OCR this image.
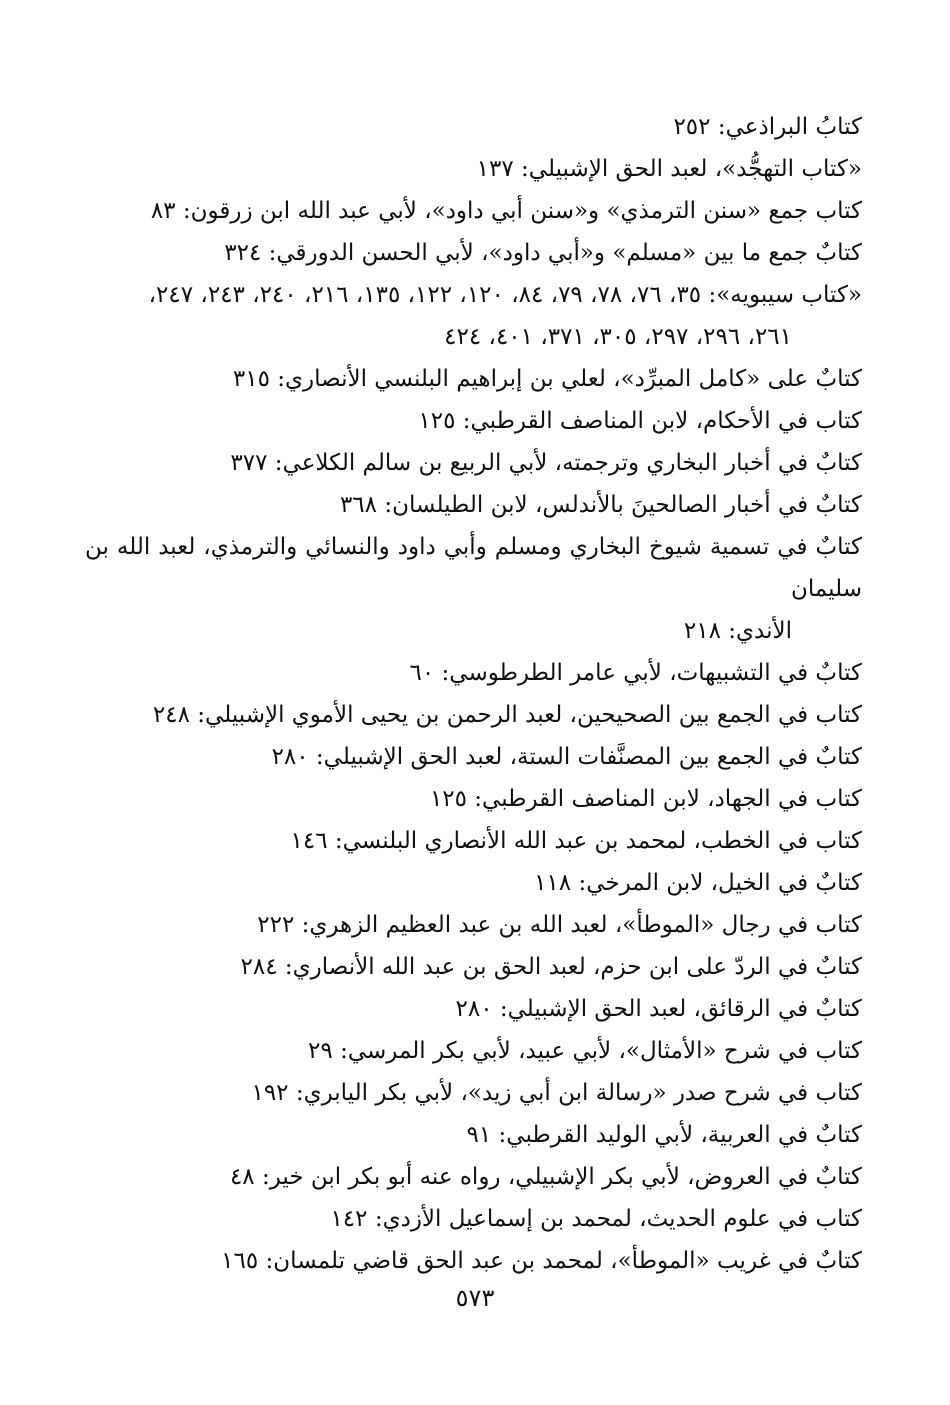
كتابُ البراذعي: ٢٥٢
«كتاب التهجُّد»، لعبد الحق الإشبيلي: ١٣٧
كتاب جمع «سنن الترمذي» و«سنن أبي داود»، لأبي عبد الله ابن زرقون: ٨٣
كتابٌ جمع ما بين «مسلم» و«أبي داود»، لأبي الحسن الدورقي: ٣٢٤
«كتاب سيبويه»: ٣٥، ٧٦، ٧٨، ٧٩، ٨٤، ١٢٠، ١٢٢، ١٣٥، ٢١٦، ٢٤٠، ٢٤٣، ٢٤٧،
٢٦١، ٢٩٦، ٢٩٧، ٣٠٥، ٣٧١، ٤٠١، ٤٢٤
كتابٌ على «كامل المبرِّد»، لعلي بن إبراهيم البلنسي الأنصاري: ٣١٥
كتاب في الأحكام، لابن المناصف القرطبي: ١٢٥
كتابٌ في أخبار البخاري وترجمته، لأبي الربيع بن سالم الكلاعي: ٣٧٧
كتابٌ في أخبار الصالحينَ بالأندلس، لابن الطيلسان: ٣٦٨
كتابٌ في تسمية شيوخ البخاري ومسلم وأبي داود والنسائي والترمذي، لعبد الله بن سليمان
الأندي: ٢١٨
كتابٌ في التشبيهات، لأبي عامر الطرطوسي: ٦٠
كتاب في الجمع بين الصحيحين، لعبد الرحمن بن يحيى الأموي الإشبيلي: ٢٤٨
كتابٌ في الجمع بين المصنَّفات الستة، لعبد الحق الإشبيلي: ٢٨٠
كتاب في الجهاد، لابن المناصف القرطبي: ١٢٥
كتاب في الخطب، لمحمد بن عبد الله الأنصاري البلنسي: ١٤٦
كتابٌ في الخيل، لابن المرخي: ١١٨
كتاب في رجال «الموطأ»، لعبد الله بن عبد العظيم الزهري: ٢٢٢
كتابٌ في الردّ على ابن حزم، لعبد الحق بن عبد الله الأنصاري: ٢٨٤
كتابٌ في الرقائق، لعبد الحق الإشبيلي: ٢٨٠
كتاب في شرح «الأمثال»، لأبي عبيد، لأبي بكر المرسي: ٢٩
كتاب في شرح صدر «رسالة ابن أبي زيد»، لأبي بكر اليابري: ١٩٢
كتابٌ في العربية، لأبي الوليد القرطبي: ٩١
كتابٌ في العروض، لأبي بكر الإشبيلي، رواه عنه أبو بكر ابن خير: ٤٨
كتاب في علوم الحديث، لمحمد بن إسماعيل الأزدي: ١٤٢
كتابٌ في غريب «الموطأ»، لمحمد بن عبد الحق قاضي تلمسان: ١٦٥
٥٧٣
